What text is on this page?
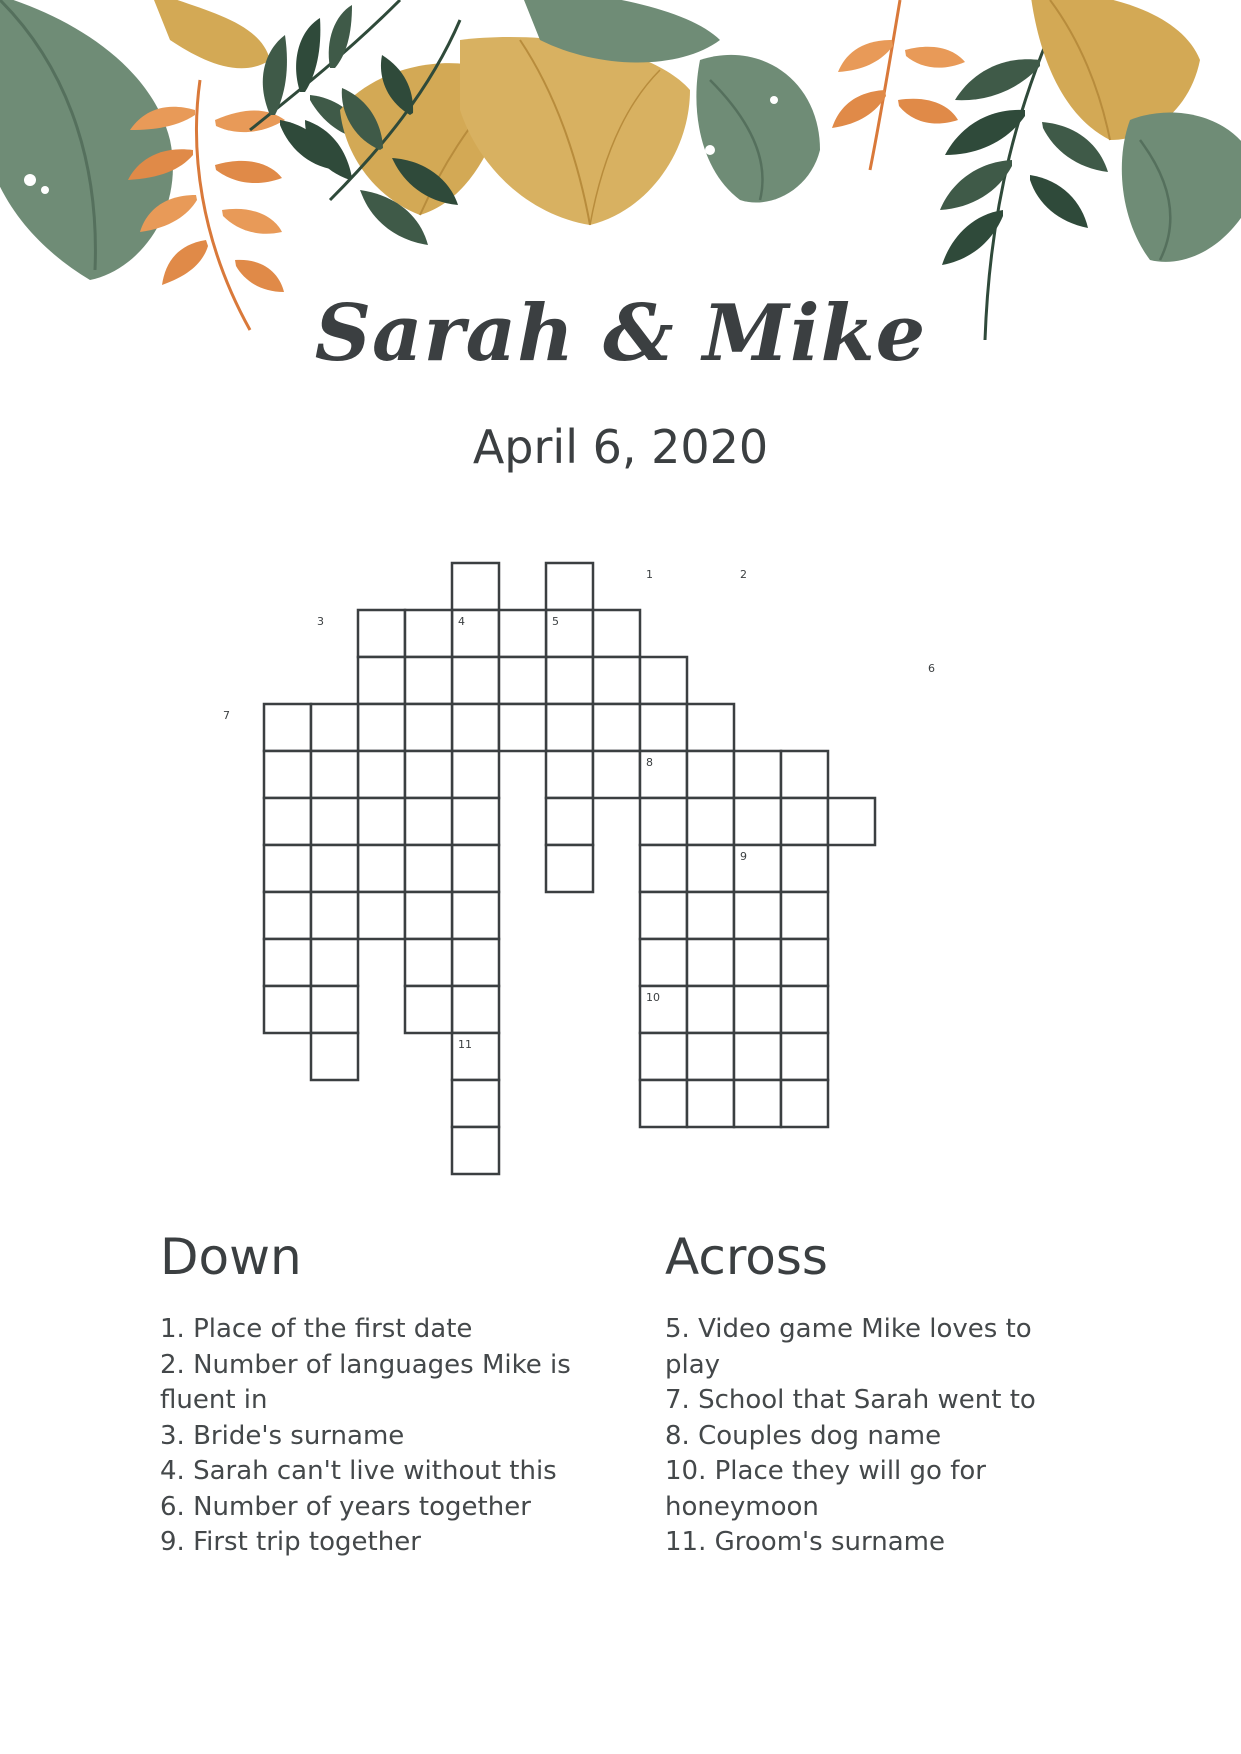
Sarah & Mike
April 6, 2020
1	2
3	4	5
6
7
8
9
10
11
Down
1. Place of the first date
2. Number of languages Mike is fluent in
3. Bride's surname
4. Sarah can't live without this
6. Number of years together
9. First trip together
Across
5. Video game Mike loves to play
7. School that Sarah went to
8. Couples dog name
10. Place they will go for honeymoon
11. Groom's surname
